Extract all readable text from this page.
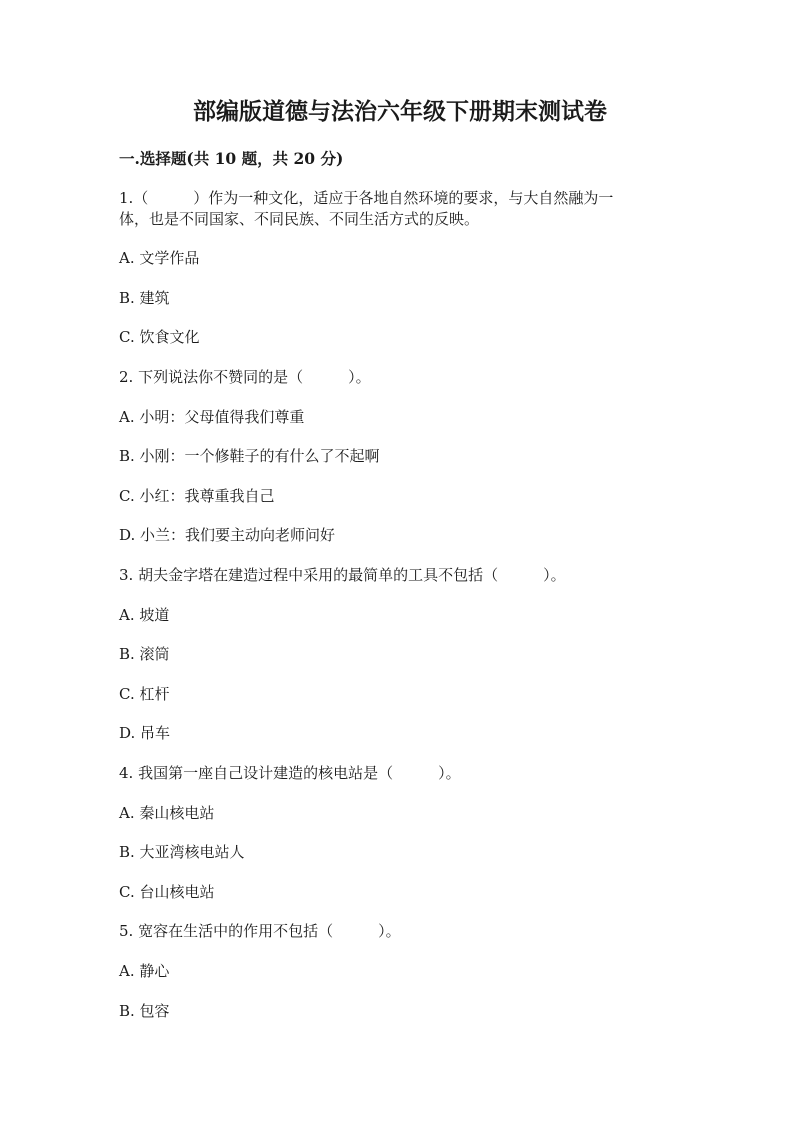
部编版道德与法治六年级下册期末测试卷
一.选择题(共 10 题，共 20 分)
1.（　　　）作为一种文化，适应于各地自然环境的要求，与大自然融为一
体，也是不同国家、不同民族、不同生活方式的反映。
A. 文学作品
B. 建筑
C. 饮食文化
2. 下列说法你不赞同的是（　　　）。
A. 小明：父母值得我们尊重
B. 小刚：一个修鞋子的有什么了不起啊
C. 小红：我尊重我自己
D. 小兰：我们要主动向老师问好
3. 胡夫金字塔在建造过程中采用的最简单的工具不包括（　　　）。
A. 坡道
B. 滚筒
C. 杠杆
D. 吊车
4. 我国第一座自己设计建造的核电站是（　　　）。
A. 秦山核电站
B. 大亚湾核电站人
C. 台山核电站
5. 宽容在生活中的作用不包括（　　　）。
A. 静心
B. 包容
